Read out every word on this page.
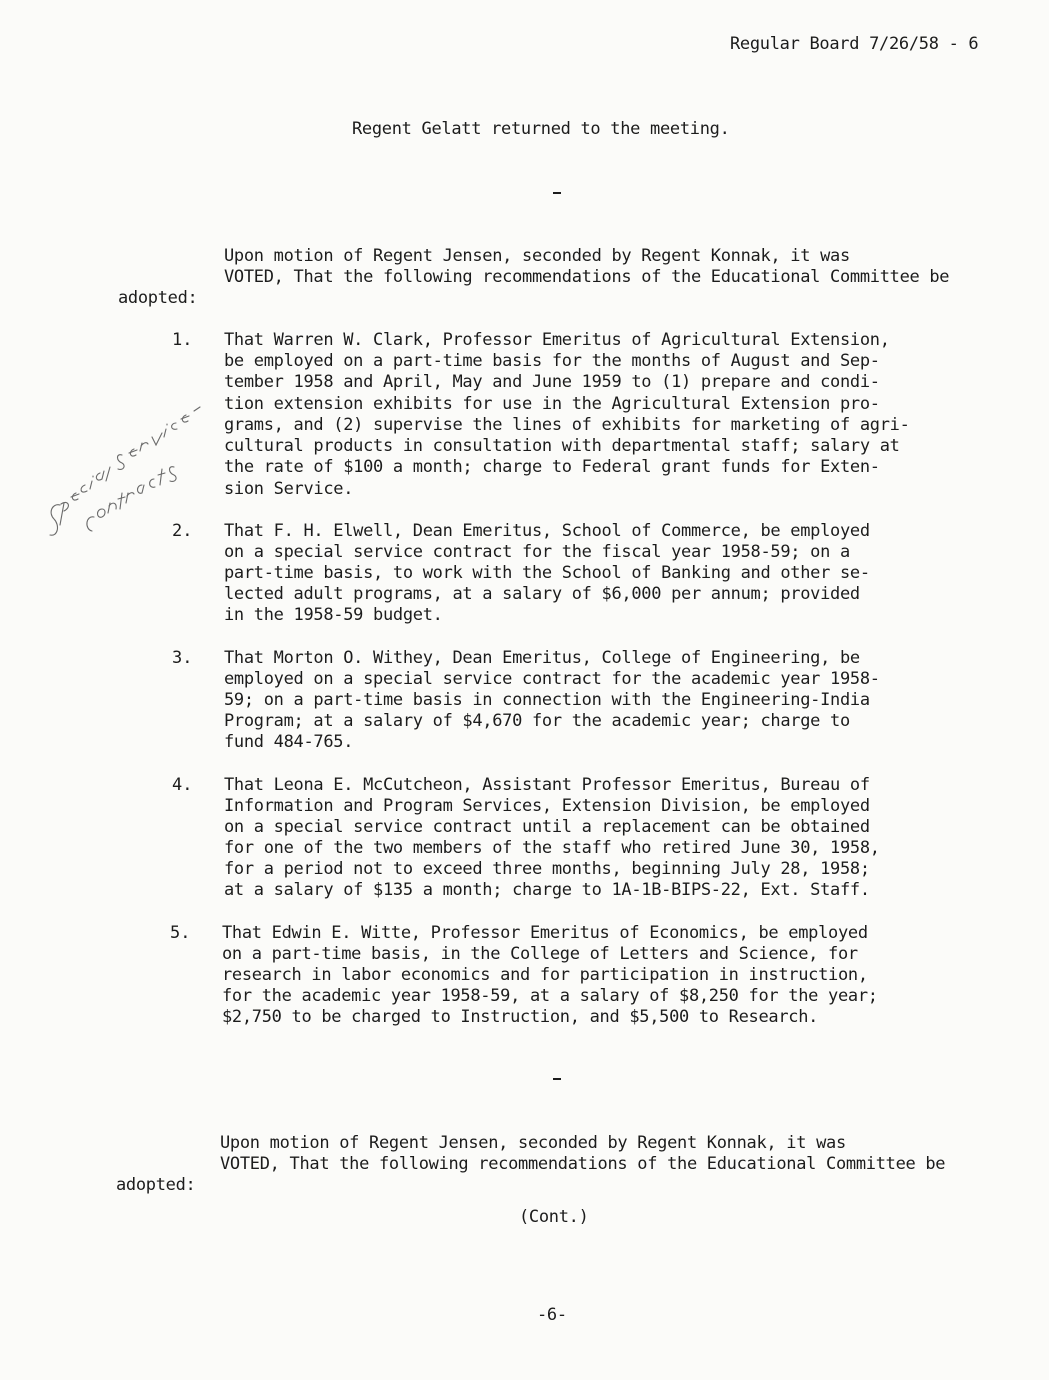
Regular Board 7/26/58 - 6
Regent Gelatt returned to the meeting.
Upon motion of Regent Jensen, seconded by Regent Konnak, it was
VOTED, That the following recommendations of the Educational Committee be
adopted:
1. That Warren W. Clark, Professor Emeritus of Agricultural Extension,
be employed on a part-time basis for the months of August and Sep-
tember 1958 and April, May and June 1959 to (1) prepare and condi-
tion extension exhibits for use in the Agricultural Extension pro-
grams, and (2) supervise the lines of exhibits for marketing of agri-
cultural products in consultation with departmental staff; salary at
the rate of $100 a month; charge to Federal grant funds for Exten-
sion Service.
2. That F. H. Elwell, Dean Emeritus, School of Commerce, be employed
on a special service contract for the fiscal year 1958-59; on a
part-time basis, to work with the School of Banking and other se-
lected adult programs, at a salary of $6,000 per annum; provided
in the 1958-59 budget.
3. That Morton O. Withey, Dean Emeritus, College of Engineering, be
employed on a special service contract for the academic year 1958-
59; on a part-time basis in connection with the Engineering-India
Program; at a salary of $4,670 for the academic year; charge to
fund 484-765.
4. That Leona E. McCutcheon, Assistant Professor Emeritus, Bureau of
Information and Program Services, Extension Division, be employed
on a special service contract until a replacement can be obtained
for one of the two members of the staff who retired June 30, 1958,
for a period not to exceed three months, beginning July 28, 1958;
at a salary of $135 a month; charge to 1A-1B-BIPS-22, Ext. Staff.
5. That Edwin E. Witte, Professor Emeritus of Economics, be employed
on a part-time basis, in the College of Letters and Science, for
research in labor economics and for participation in instruction,
for the academic year 1958-59, at a salary of $8,250 for the year;
$2,750 to be charged to Instruction, and $5,500 to Research.
Upon motion of Regent Jensen, seconded by Regent Konnak, it was
VOTED, That the following recommendations of the Educational Committee be
adopted:
(Cont.)
-6-
